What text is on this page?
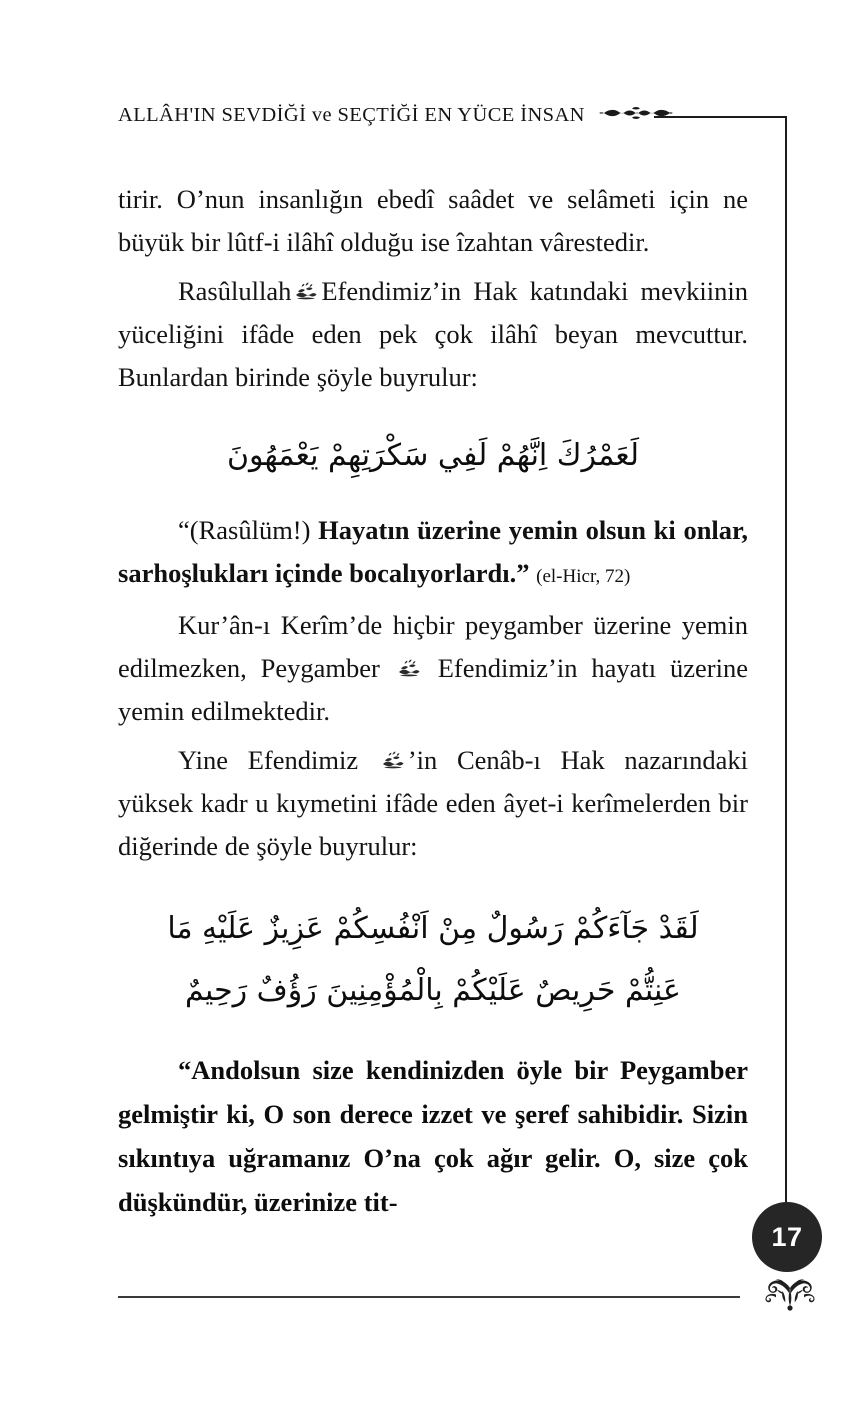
ALLÂH'IN SEVDİĞİ ve SEÇTİĞİ EN YÜCE İNSAN

tirir. O’nun insanlığın ebedî saâdet ve selâmeti için ne büyük bir lûtf-i ilâhî olduğu ise îzahtan vârestedir.

Rasûlullah Efendimiz’in Hak katındaki mevkiinin yüceliğini ifâde eden pek çok ilâhî beyan mevcuttur. Bunlardan birinde şöyle buyrulur:

لَعَمْرُكَ اِنَّهُمْ لَفِي سَكْرَتِهِمْ يَعْمَهُونَ

“(Rasûlüm!) Hayatın üzerine yemin olsun ki onlar, sarhoşlukları içinde bocalıyorlardı.” (el-Hicr, 72)

Kur’ân-ı Kerîm’de hiçbir peygamber üzerine yemin edilmezken, Peygamber Efendimiz’in hayatı üzerine yemin edilmektedir.

Yine Efendimiz ’in Cenâb-ı Hak nazarındaki yüksek kadr u kıymetini ifâde eden âyet-i kerîmelerden bir diğerinde de şöyle buyrulur:

لَقَدْ جَآءَكُمْ رَسُولٌ مِنْ اَنْفُسِكُمْ عَزِيزٌ عَلَيْهِ مَا
عَنِتُّمْ حَرِيصٌ عَلَيْكُمْ بِالْمُؤْمِنِينَ رَؤُفٌ رَحِيمٌ

“Andolsun size kendinizden öyle bir Peygamber gelmiştir ki, O son derece izzet ve şeref sahibidir. Sizin sıkıntıya uğramanız O’na çok ağır gelir. O, size çok düşkündür, üzerinize tit-

17
